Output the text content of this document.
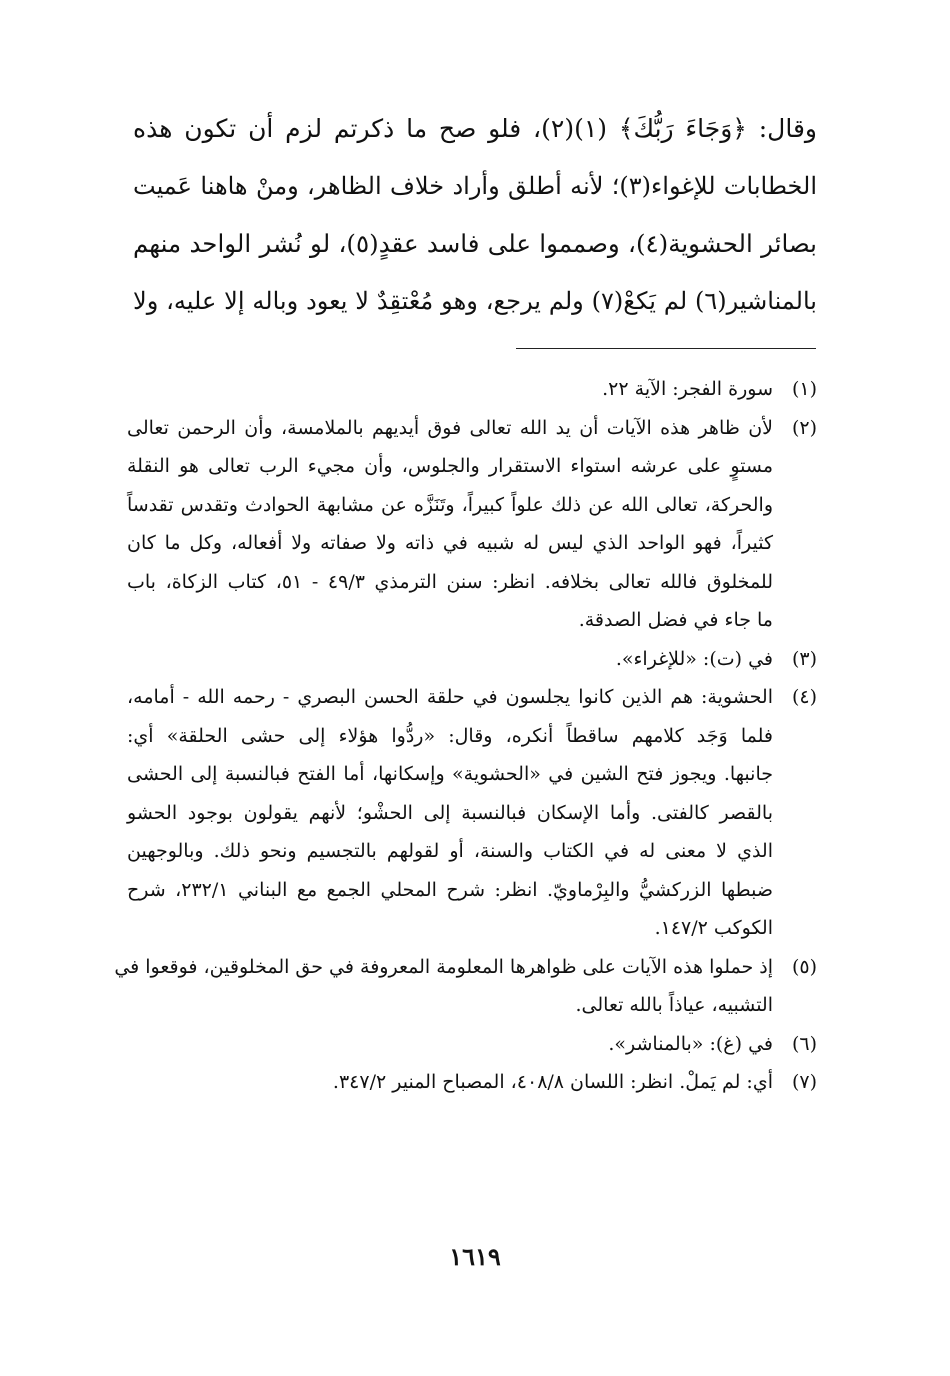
وقال: ﴿وَجَاءَ رَبُّكَ﴾ (١)(٢)، فلو صح ما ذكرتم لزم أن تكون هذه
الخطابات للإغواء(٣)؛ لأنه أطلق وأراد خلاف الظاهر، ومنْ هاهنا عَميت
بصائر الحشوية(٤)، وصمموا على فاسد عقدٍ(٥)، لو نُشر الواحد منهم
بالمناشير(٦) لم يَكعْ(٧) ولم يرجع، وهو مُعْتقِدٌ لا يعود وباله إلا عليه، ولا
(١)
سورة الفجر: الآية ٢٢.
(٢)
لأن ظاهر هذه الآيات أن يد الله تعالى فوق أيديهم بالملامسة، وأن الرحمن تعالى
مستوٍ على عرشه استواء الاستقرار والجلوس، وأن مجيء الرب تعالى هو النقلة
والحركة، تعالى الله عن ذلك علواً كبيراً، وتَنَزَّه عن مشابهة الحوادث وتقدس تقدساً
كثيراً، فهو الواحد الذي ليس له شبيه في ذاته ولا صفاته ولا أفعاله، وكل ما كان
للمخلوق فالله تعالى بخلافه. انظر: سنن الترمذي ٤٩/٣ - ٥١، كتاب الزكاة، باب
ما جاء في فضل الصدقة.
(٣)
في (ت): «للإغراء».
(٤)
الحشوية: هم الذين كانوا يجلسون في حلقة الحسن البصري - رحمه الله - أمامه،
فلما وَجَد كلامهم ساقطاً أنكره، وقال: «ردُّوا هؤلاء إلى حشى الحلقة» أي:
جانبها. ويجوز فتح الشين في «الحشوية» وإسكانها، أما الفتح فبالنسبة إلى الحشى
بالقصر كالفتى. وأما الإسكان فبالنسبة إلى الحشْو؛ لأنهم يقولون بوجود الحشو
الذي لا معنى له في الكتاب والسنة، أو لقولهم بالتجسيم ونحو ذلك. وبالوجهين
ضبطها الزركشيُّ والبِرْماويّ. انظر: شرح المحلي الجمع مع البناني ٢٣٢/١، شرح
الكوكب ١٤٧/٢.
(٥)
إذ حملوا هذه الآيات على ظواهرها المعلومة المعروفة في حق المخلوقين، فوقعوا في
التشبيه، عياذاً بالله تعالى.
(٦)
في (غ): «بالمناشر».
(٧)
أي: لم يَملْ. انظر: اللسان ٤٠٨/٨، المصباح المنير ٣٤٧/٢.
١٦١٩
